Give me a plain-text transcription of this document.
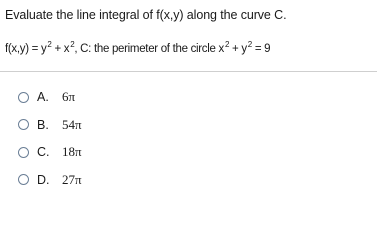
Evaluate the line integral of f(x,y) along the curve C.
$f(x,y) = y^2 + x^2$, C: the perimeter of the circle $x^2 + y^2 = 9$
A.	6π
B.	54π
C. 18π
D. 27π
